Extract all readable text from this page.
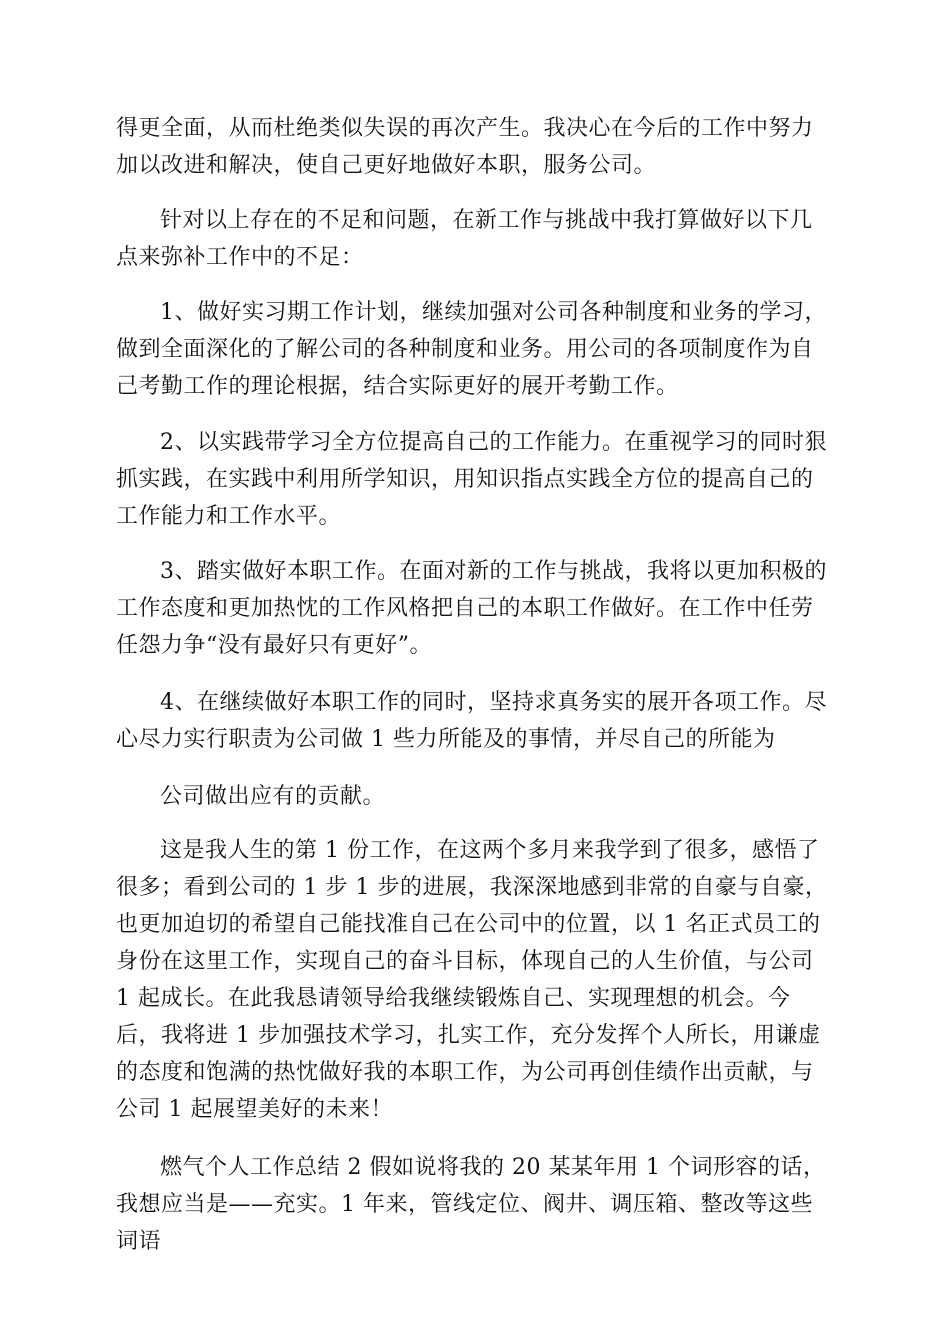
得更全面，从而杜绝类似失误的再次产生。我决心在今后的工作中努力加以改进和解决，使自己更好地做好本职，服务公司。

针对以上存在的不足和问题，在新工作与挑战中我打算做好以下几点来弥补工作中的不足：

1、做好实习期工作计划，继续加强对公司各种制度和业务的学习，做到全面深化的了解公司的各种制度和业务。用公司的各项制度作为自己考勤工作的理论根据，结合实际更好的展开考勤工作。

2、以实践带学习全方位提高自己的工作能力。在重视学习的同时狠抓实践，在实践中利用所学知识，用知识指点实践全方位的提高自己的工作能力和工作水平。

3、踏实做好本职工作。在面对新的工作与挑战，我将以更加积极的工作态度和更加热忱的工作风格把自己的本职工作做好。在工作中任劳任怨力争“没有最好只有更好”。

4、在继续做好本职工作的同时，坚持求真务实的展开各项工作。尽心尽力实行职责为公司做 1 些力所能及的事情，并尽自己的所能为

公司做出应有的贡献。

这是我人生的第 1 份工作，在这两个多月来我学到了很多，感悟了很多；看到公司的 1 步 1 步的进展，我深深地感到非常的自豪与自豪，也更加迫切的希望自己能找准自己在公司中的位置，以 1 名正式员工的身份在这里工作，实现自己的奋斗目标，体现自己的人生价值，与公司 1 起成长。在此我恳请领导给我继续锻炼自己、实现理想的机会。今后，我将进 1 步加强技术学习，扎实工作，充分发挥个人所长，用谦虚的态度和饱满的热忱做好我的本职工作，为公司再创佳绩作出贡献，与公司 1 起展望美好的未来！

燃气个人工作总结 2 假如说将我的 20 某某年用 1 个词形容的话，我想应当是——充实。1 年来，管线定位、阀井、调压箱、整改等这些词语
